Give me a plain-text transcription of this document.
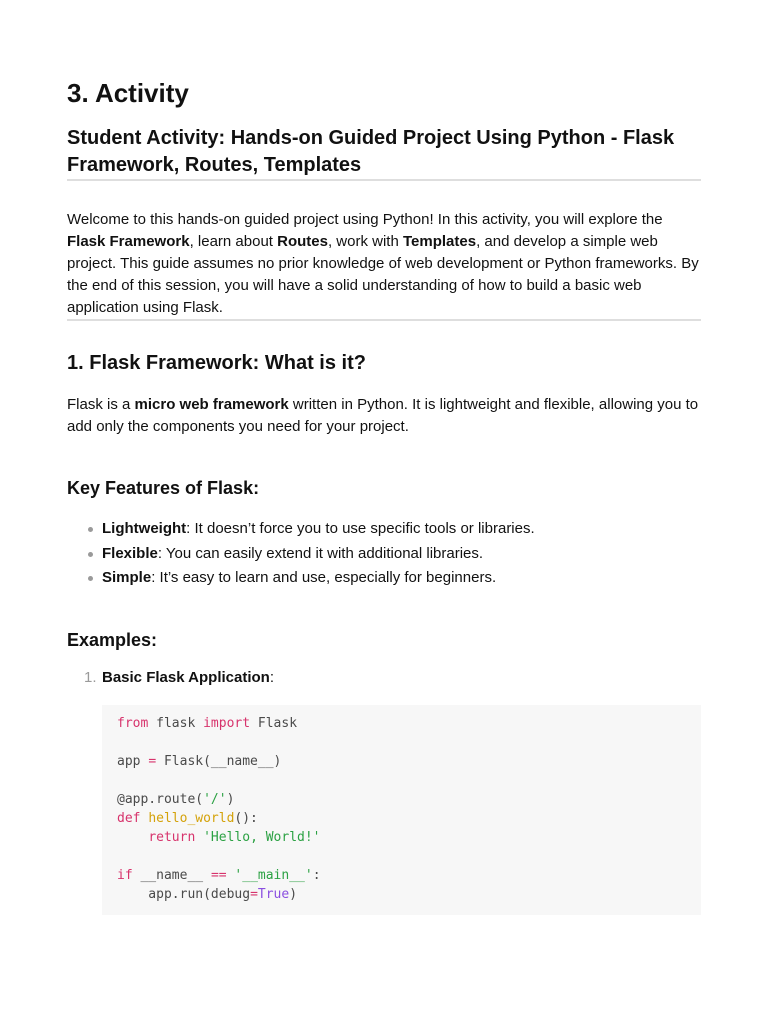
3. Activity
Student Activity: Hands-on Guided Project Using Python - Flask Framework, Routes, Templates

Welcome to this hands-on guided project using Python! In this activity, you will explore the Flask Framework, learn about Routes, work with Templates, and develop a simple web project. This guide assumes no prior knowledge of web development or Python frameworks. By the end of this session, you will have a solid understanding of how to build a basic web application using Flask.

1. Flask Framework: What is it?

Flask is a micro web framework written in Python. It is lightweight and flexible, allowing you to add only the components you need for your project.

Key Features of Flask:
Lightweight: It doesn’t force you to use specific tools or libraries.
Flexible: You can easily extend it with additional libraries.
Simple: It’s easy to learn and use, especially for beginners.
Examples:
1. Basic Flask Application:
from flask import Flask

app = Flask(__name__)

@app.route('/')
def hello_world():
return 'Hello, World!'

if __name__ == '__main__':
app.run(debug=True)
